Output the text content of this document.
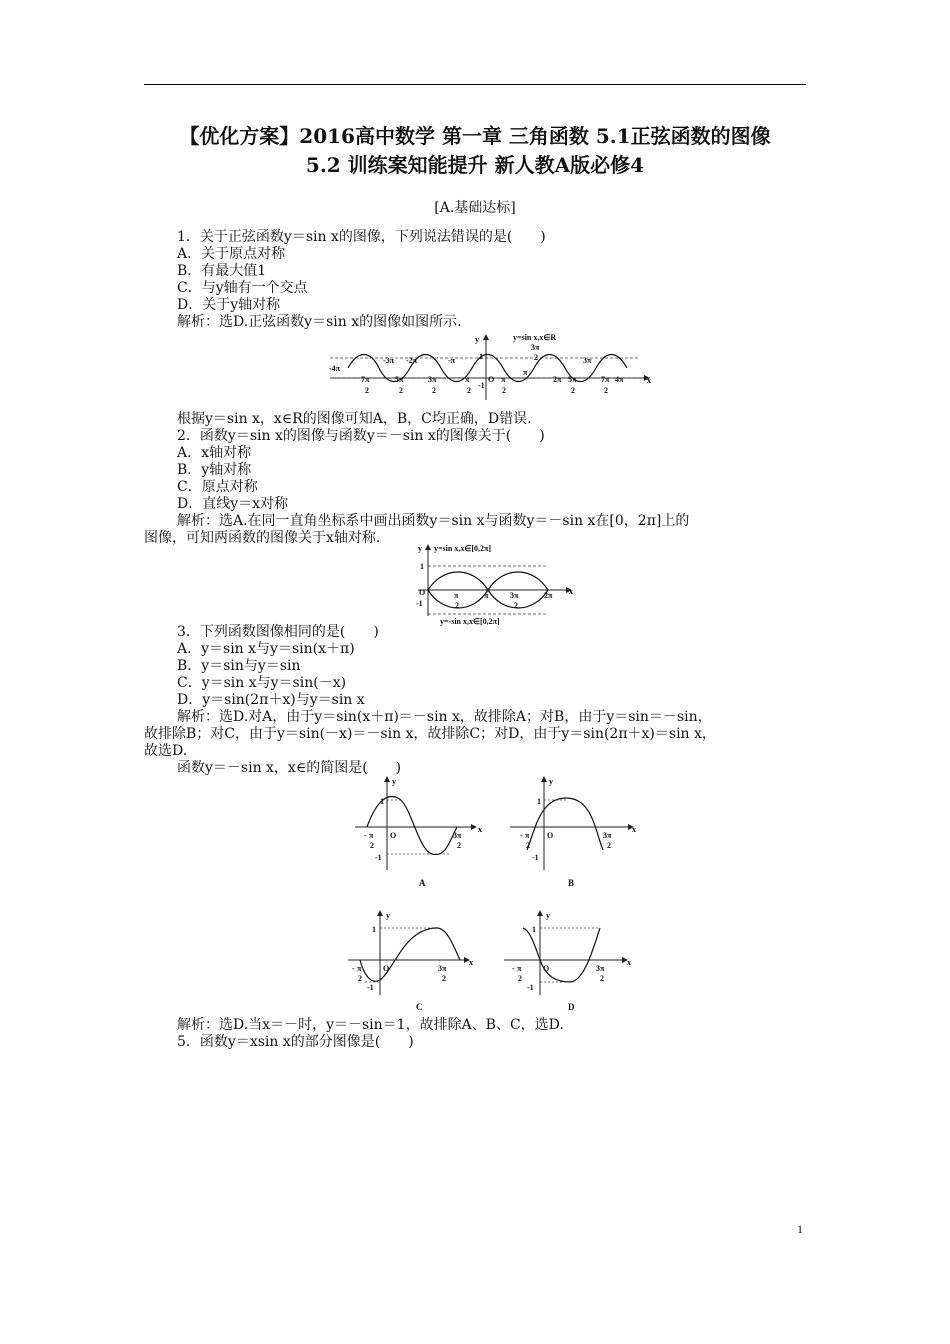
【优化方案】2016高中数学 第一章 三角函数 5.1正弦函数的图像
5.2 训练案知能提升 新人教A版必修4
[A.基础达标]
1．关于正弦函数y＝sin x的图像，下列说法错误的是(　　)
A．关于原点对称
B．有最大值1
C．与y轴有一个交点
D．关于y轴对称
解析：选D.正弦函数y＝sin x的图像如图所示.
y	y=sin x,x∈R
x
1
O
-4π
-3π -2π	-π
π
2π
3π
4π
7π
2
5π
2
3π
2
π
2
-1
π
2
3π
2
5π
2
7π
2
根据y＝sin x，x∈R的图像可知A，B，C均正确，D错误.
2．函数y＝sin x的图像与函数y＝－sin x的图像关于(　　)
A．x轴对称
B．y轴对称
C．原点对称
D．直线y＝x对称
解析：选A.在同一直角坐标系中画出函数y＝sin x与函数y＝－sin x在[0，2π]上的
图像，可知两函数的图像关于x轴对称.
y y=sin x,x∈[0,2π]
x
1
O
-1
π
2
π	3π
2
2π
y=-sin x,x∈[0,2π]
3．下列函数图像相同的是(　　)
A．y＝sin x与y＝sin(x＋π)
B．y＝sin与y＝sin
C．y＝sin x与y＝sin(－x)
D．y＝sin(2π＋x)与y＝sin x
解析：选D.对A，由于y＝sin(x＋π)＝－sin x，故排除A；对B，由于y＝sin＝－sin，
故排除B；对C，由于y＝sin(－x)＝－sin x，故排除C；对D，由于y＝sin(2π＋x)＝sin x，
故选D.
函数y＝－sin x，x∈的简图是(　　)
y
x
1
-1
O
- π
2
3π
2
A
y
x
1
-1
O
- π
2
3π
2
B
y
x
1
-1
O
- π
2
3π
2
C
y
x
1
-1
O
- π
2
3π
2
D
解析：选D.当x＝－时，y＝－sin＝1，故排除A、B、C，选D.
5．函数y＝xsin x的部分图像是(　　)
1
